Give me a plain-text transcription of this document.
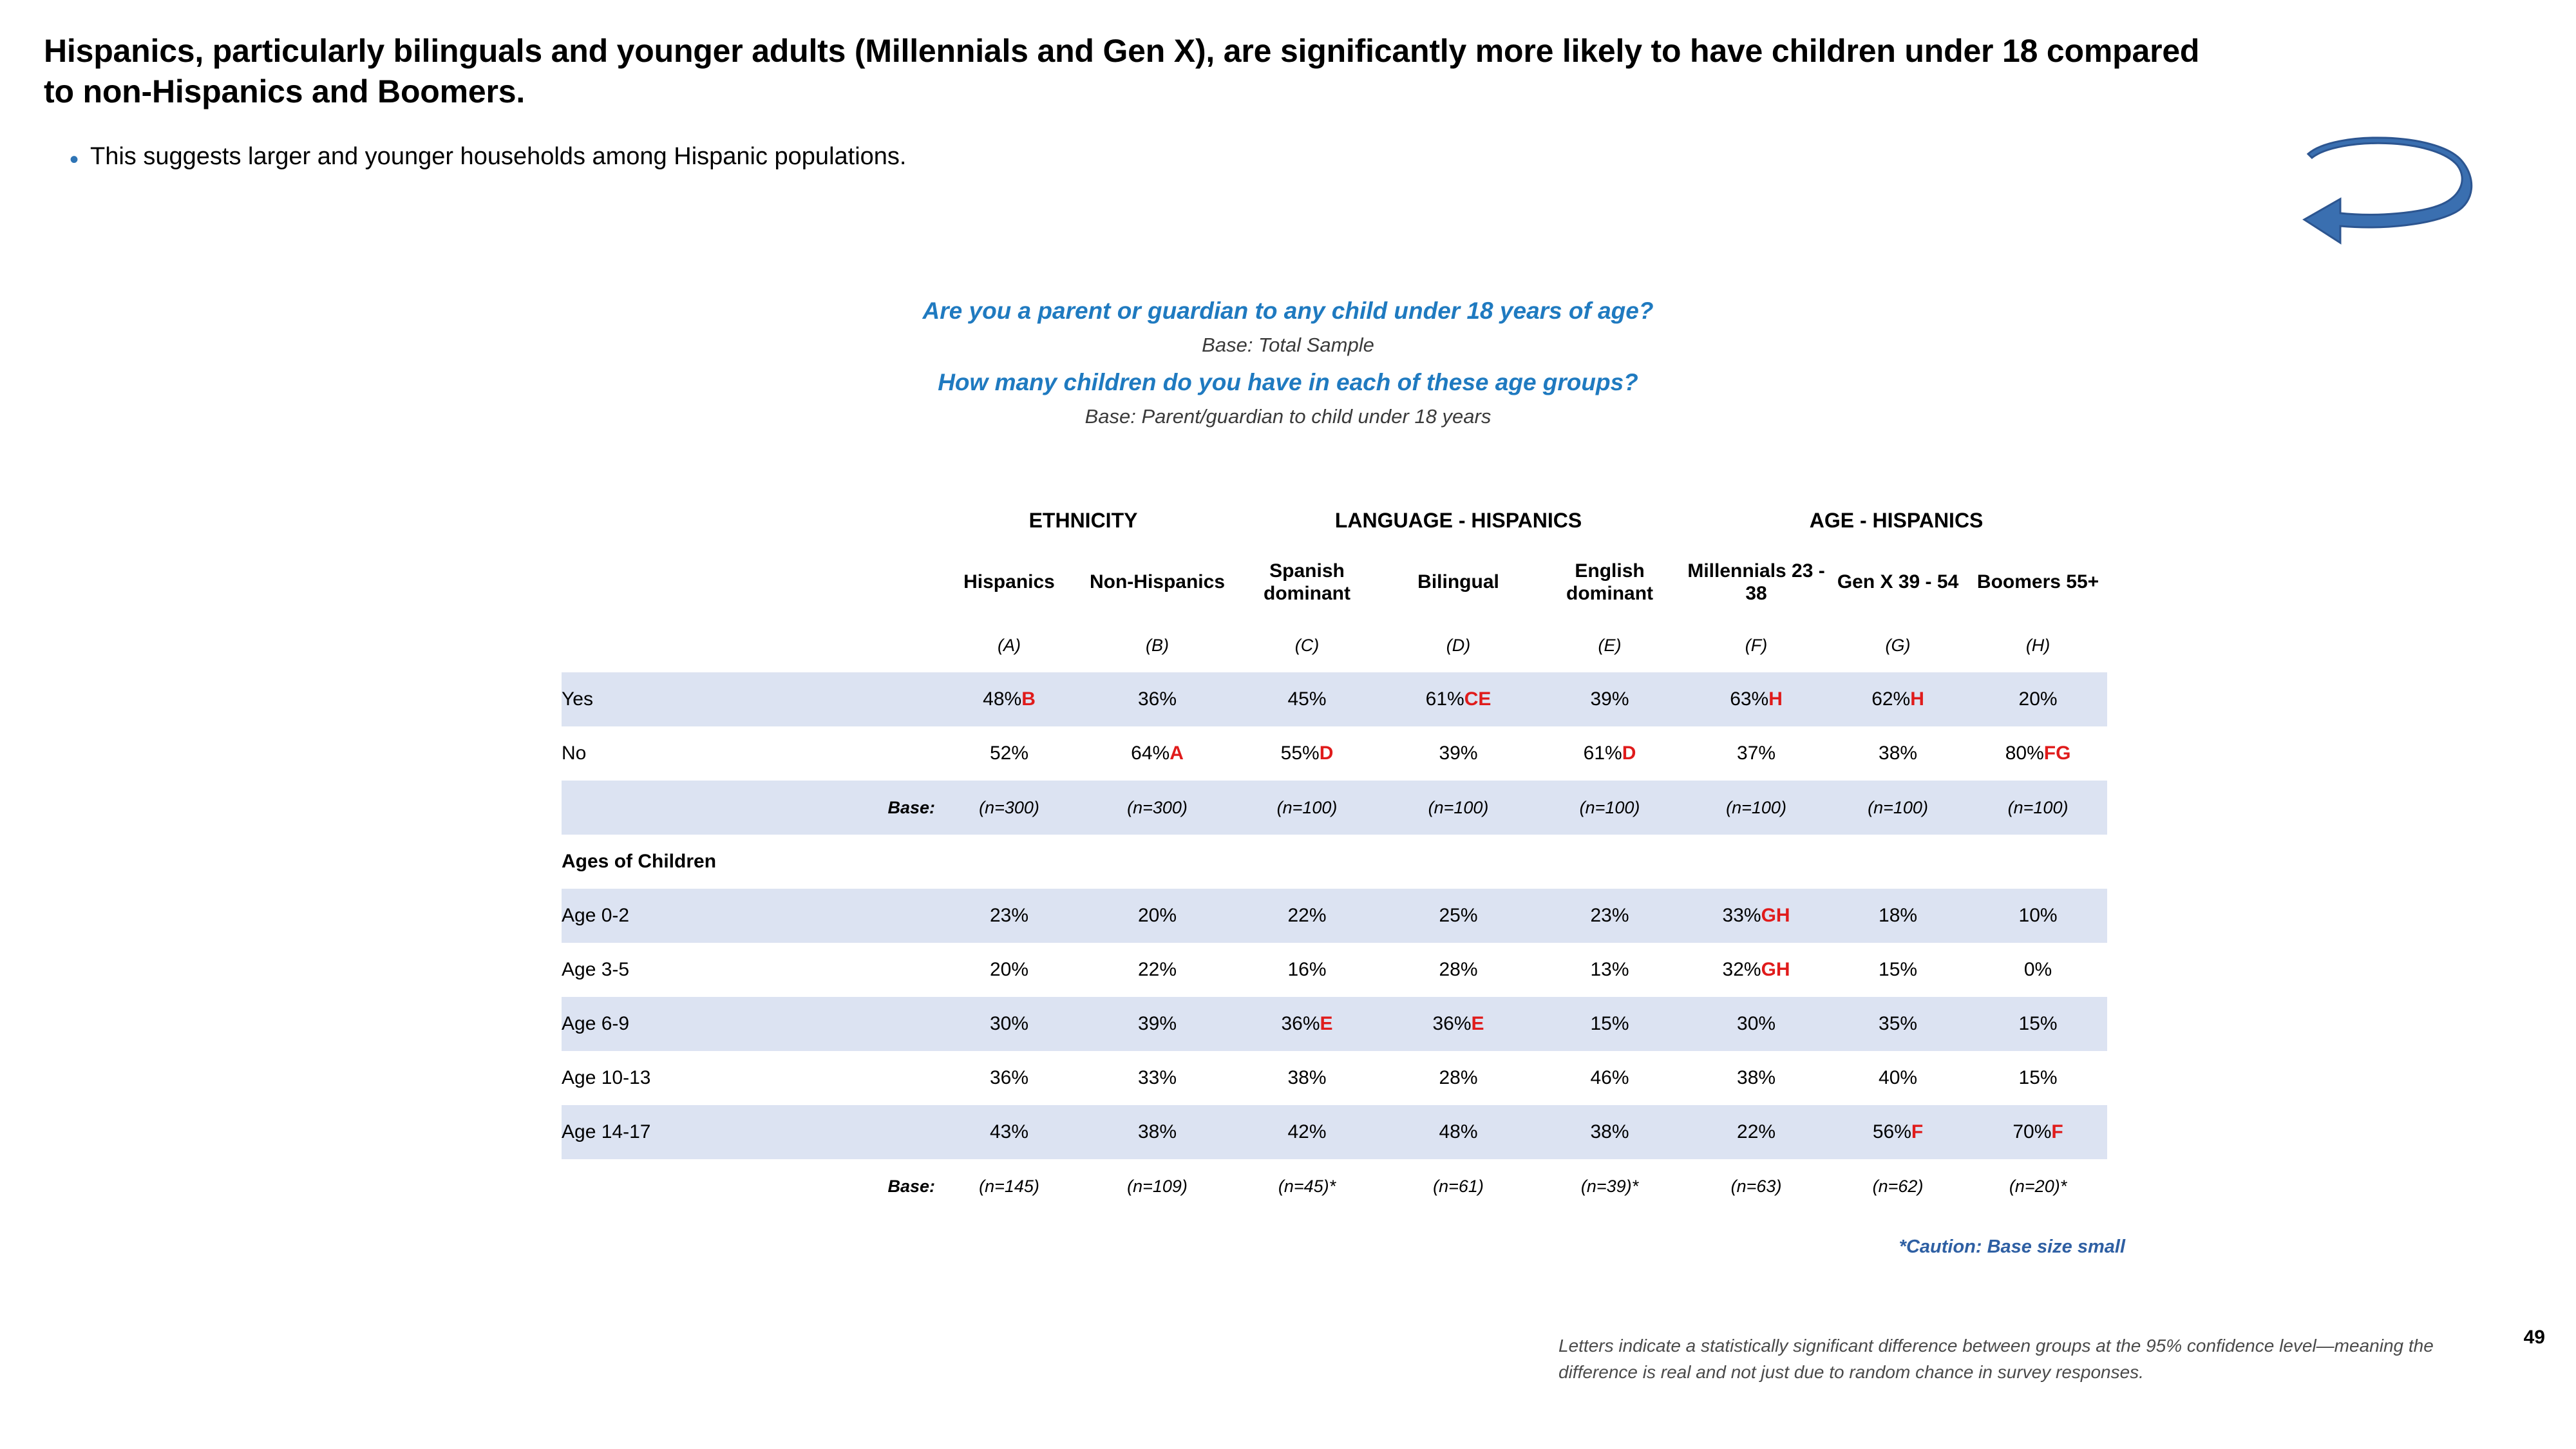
Hispanics, particularly bilinguals and younger adults (Millennials and Gen X), are significantly more likely to have children under 18 compared to non-Hispanics and Boomers.
• This suggests larger and younger households among Hispanic populations.
Are you a parent or guardian to any child under 18 years of age?
Base: Total Sample
How many children do you have in each of these age groups?
Base: Parent/guardian to child under 18 years
	ETHNICITY		LANGUAGE - HISPANICS			AGE - HISPANICS		
	Hispanics	Non-Hispanics	Spanish dominant	Bilingual	English dominant	Millennials 23 - 38	Gen X 39 - 54	Boomers 55+
	(A)	(B)	(C)	(D)	(E)	(F)	(G)	(H)
Yes	48%B	36%	45%	61%CE	39%	63%H	62%H	20%
No	52%	64%A	55%D	39%	61%D	37%	38%	80%FG
Base:	(n=300)	(n=300)	(n=100)	(n=100)	(n=100)	(n=100)	(n=100)	(n=100)
Ages of Children								
Age 0-2	23%	20%	22%	25%	23%	33%GH	18%	10%
Age 3-5	20%	22%	16%	28%	13%	32%GH	15%	0%
Age 6-9	30%	39%	36%E	36%E	15%	30%	35%	15%
Age 10-13	36%	33%	38%	28%	46%	38%	40%	15%
Age 14-17	43%	38%	42%	48%	38%	22%	56%F	70%F
Base:	(n=145)	(n=109)	(n=45)*	(n=61)	(n=39)*	(n=63)	(n=62)	(n=20)*
*Caution: Base size small
Letters indicate a statistically significant difference between groups at the 95% confidence level—meaning the difference is real and not just due to random chance in survey responses.
49
